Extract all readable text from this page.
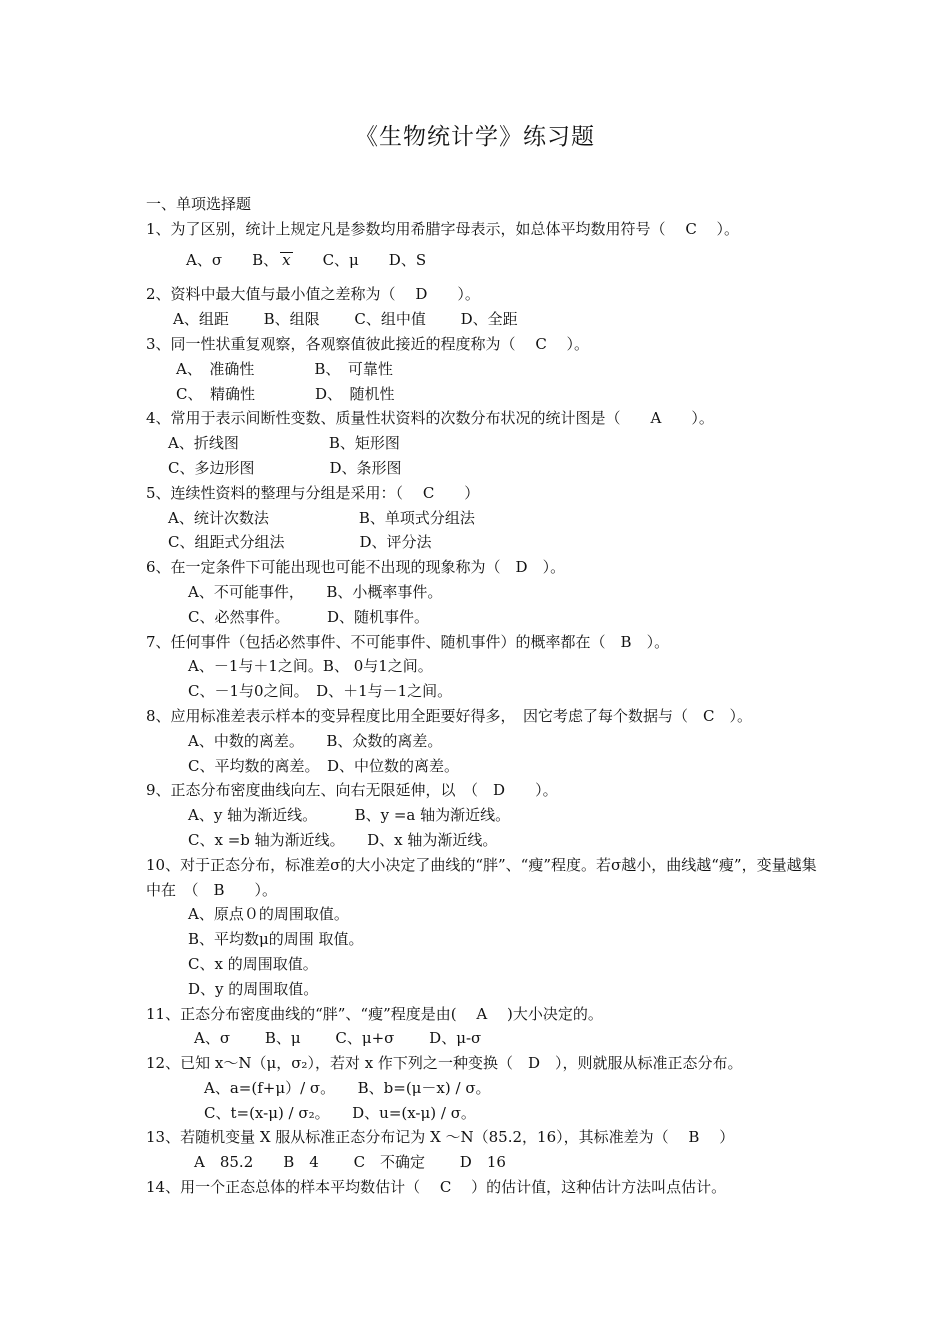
《生物统计学》练习题
一、单项选择题
1、为了区别，统计上规定凡是参数均用希腊字母表示，如总体平均数用符号（　 C　 ）。
A、σ　　B、 x　　C、μ　　D、S
2、资料中最大值与最小值之差称为（　 D　　）。
A、组距　　 B、组限　　 C、组中值　　 D、全距
3、同一性状重复观察，各观察值彼此接近的程度称为（　 C　 ）。
A、　准确性　　　　B、　可靠性
C、　精确性　　　　D、　随机性
4、常用于表示间断性变数、质量性状资料的次数分布状况的统计图是（　　A　　）。
A、折线图　　　　　　B、矩形图
C、多边形图　　　　　D、条形图
5、连续性资料的整理与分组是采用：（　 C　　）
A、统计次数法　　　　　　B、单项式分组法
C、组距式分组法　　　　　D、评分法
6、在一定条件下可能出现也可能不出现的现象称为（　D　）。
A、不可能事件，　　B、小概率事件。
C、必然事件。　　　D、随机事件。
7、任何事件（包括必然事件、不可能事件、随机事件）的概率都在（　B　）。
A、－1与＋1之间。B、 0与1之间。
C、－1与0之间。　D、＋1与－1之间。
8、应用标准差表示样本的变异程度比用全距要好得多，　因它考虑了每个数据与（　C　）。
A、中数的离差。　　B、众数的离差。
C、平均数的离差。　D、中位数的离差。
9、正态分布密度曲线向左、向右无限延伸，以　（　D　　）。
A、y 轴为渐近线。　　　B、y =a 轴为渐近线。
C、x =b 轴为渐近线。　　D、x 轴为渐近线。
10、对于正态分布，标准差σ的大小决定了曲线的“胖”、“瘦”程度。若σ越小，曲线越“瘦”，变量越集中在　（　B　　）。
A、原点０的周围取值。
B、平均数μ的周围 取值。
C、x 的周围取值。
D、y 的周围取值。
11、正态分布密度曲线的“胖”、“瘦”程度是由(　 A　 )大小决定的。
A、σ　　 B、μ　　 C、μ+σ　　 D、μ-σ
12、已知 x～N（μ，σ₂），若对 x 作下列之一种变换（　D　），则就服从标准正态分布。
A、a=(f+μ）/ σ。　　B、b=(μ－x) / σ。
C、t=(x-μ) / σ₂。　　D、u=(x-μ) / σ。
13、若随机变量 X 服从标准正态分布记为 X ～N（85.2，16），其标准差为（　 B　 ）
A　85.2　　B　4　　 C　不确定　　 D　16
14、用一个正态总体的样本平均数估计（　 C　 ）的估计值，这种估计方法叫点估计。
